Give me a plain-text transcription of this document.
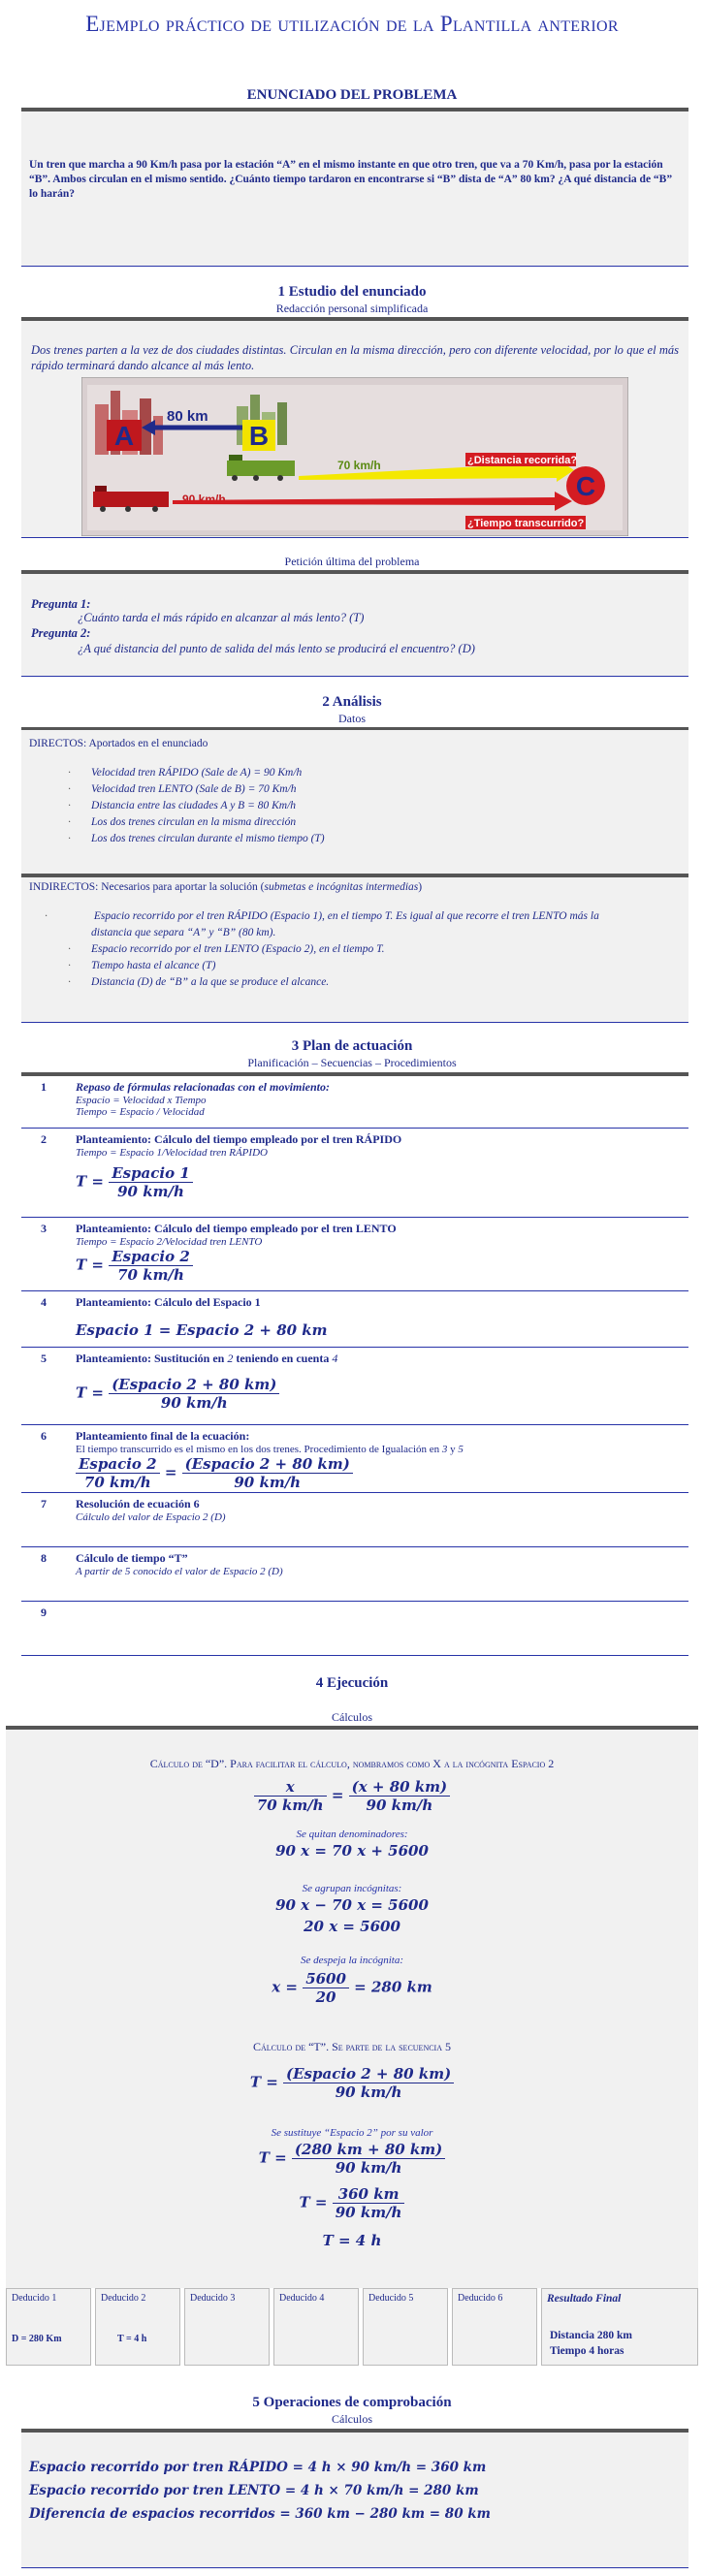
Ejemplo práctico de utilización de la Plantilla anterior
ENUNCIADO DEL PROBLEMA
Un tren que marcha a 90 Km/h pasa por la estación “A” en el mismo instante en que otro tren, que va a 70 Km/h, pasa por la estación “B”. Ambos circulan en el mismo sentido. ¿Cuánto tiempo tardaron en encontrarse si “B” dista de “A” 80 km? ¿A qué distancia de “B” lo harán?
1 Estudio del enunciado
Redacción personal simplificada
Dos trenes parten a la vez de dos ciudades distintas. Circulan en la misma dirección, pero con diferente velocidad, por lo que el más rápido terminará dando alcance al más lento.
80 km
A	B
70 km/h
90 km/h	C
¿Distancia recorrida?
¿Tiempo transcurrido?
Petición última del problema
Pregunta 1:
¿Cuánto tarda el más rápido en alcanzar al más lento? (T)
Pregunta 2:
¿A qué distancia del punto de salida del más lento se producirá el encuentro? (D)
2 Análisis
Datos
DIRECTOS: Aportados en el enunciado
· Velocidad tren RÁPIDO (Sale de A) = 90 Km/h
· Velocidad tren LENTO (Sale de B) = 70 Km/h
· Distancia entre las ciudades A y B = 80 Km/h
· Los dos trenes circulan en la misma dirección
· Los dos trenes circulan durante el mismo tiempo (T)
INDIRECTOS: Necesarios para aportar la solución (submetas e incógnitas intermedias)
· Espacio recorrido por el tren RÁPIDO (Espacio 1), en el tiempo T. Es igual al que recorre el tren LENTO más la distancia que separa “A” y “B” (80 km).
· Espacio recorrido por el tren LENTO (Espacio 2), en el tiempo T.
· Tiempo hasta el alcance (T)
· Distancia (D) de “B” a la que se produce el alcance.
3 Plan de actuación
Planificación – Secuencias – Procedimientos
1	Repaso de fórmulas relacionadas con el movimiento:
Espacio = Velocidad x Tiempo
Tiempo = Espacio / Velocidad
2	Planteamiento: Cálculo del tiempo empleado por el tren RÁPIDO
Tiempo = Espacio 1/Velocidad tren RÁPIDO
$T = \frac{\text{Espacio 1}}{90 km/h}$
3	Planteamiento: Cálculo del tiempo empleado por el tren LENTO
Tiempo = Espacio 2/Velocidad tren LENTO
$T = \frac{\text{Espacio 2}}{70 km/h}$
4	Planteamiento: Cálculo del Espacio 1
Espacio 1 = Espacio 2 + 80 km
5	Planteamiento: Sustitución en 2 teniendo en cuenta 4
$T = \frac{\text{(Espacio 2 + 80 km)}}{90 km/h}$
6	Planteamiento final de la ecuación:
El tiempo transcurrido es el mismo en los dos trenes. Procedimiento de Igualación en 3 y 5
$\frac{\text{Espacio 2}}{70 km/h} = \frac{\text{(Espacio 2 + 80 km)}}{90 km/h}$
7	Resolución de ecuación 6
Cálculo del valor de Espacio 2 (D)
8	Cálculo de tiempo “T”
A partir de 5 conocido el valor de Espacio 2 (D)
9
4 Ejecución
Cálculos
Cálculo de “D”. Para facilitar el cálculo, nombramos como X a la incógnita Espacio 2
$\frac{x}{70 km/h} = \frac{(x + 80 km)}{90 km/h}$
Se quitan denominadores:
90 x = 70 x + 5600
Se agrupan incógnitas:
90 x − 70 x = 5600
20 x = 5600
Se despeja la incógnita:
$x = \frac{5600}{20} = 280$ km
Cálculo de “T”. Se parte de la secuencia 5
$T = \frac{\text{(Espacio 2 + 80 km)}}{90 km/h}$
Se sustituye “Espacio 2” por su valor
$T = \frac{(280 km + 80 km)}{90 km/h}$
$T = \frac{360 km}{90 km/h}$
T = 4 h
Deducido 1
D = 280 Km
Deducido 2
T = 4 h
Deducido 3	Deducido 4	Deducido 5	Deducido 6	Resultado Final
Distancia 280 km
Tiempo 4 horas
5 Operaciones de comprobación
Cálculos
Espacio recorrido por tren RÁPIDO = 4 h × 90 km/h = 360 km
Espacio recorrido por tren LENTO = 4 h × 70 km/h = 280 km
Diferencia de espacios recorridos = 360 km − 280 km = 80 km
